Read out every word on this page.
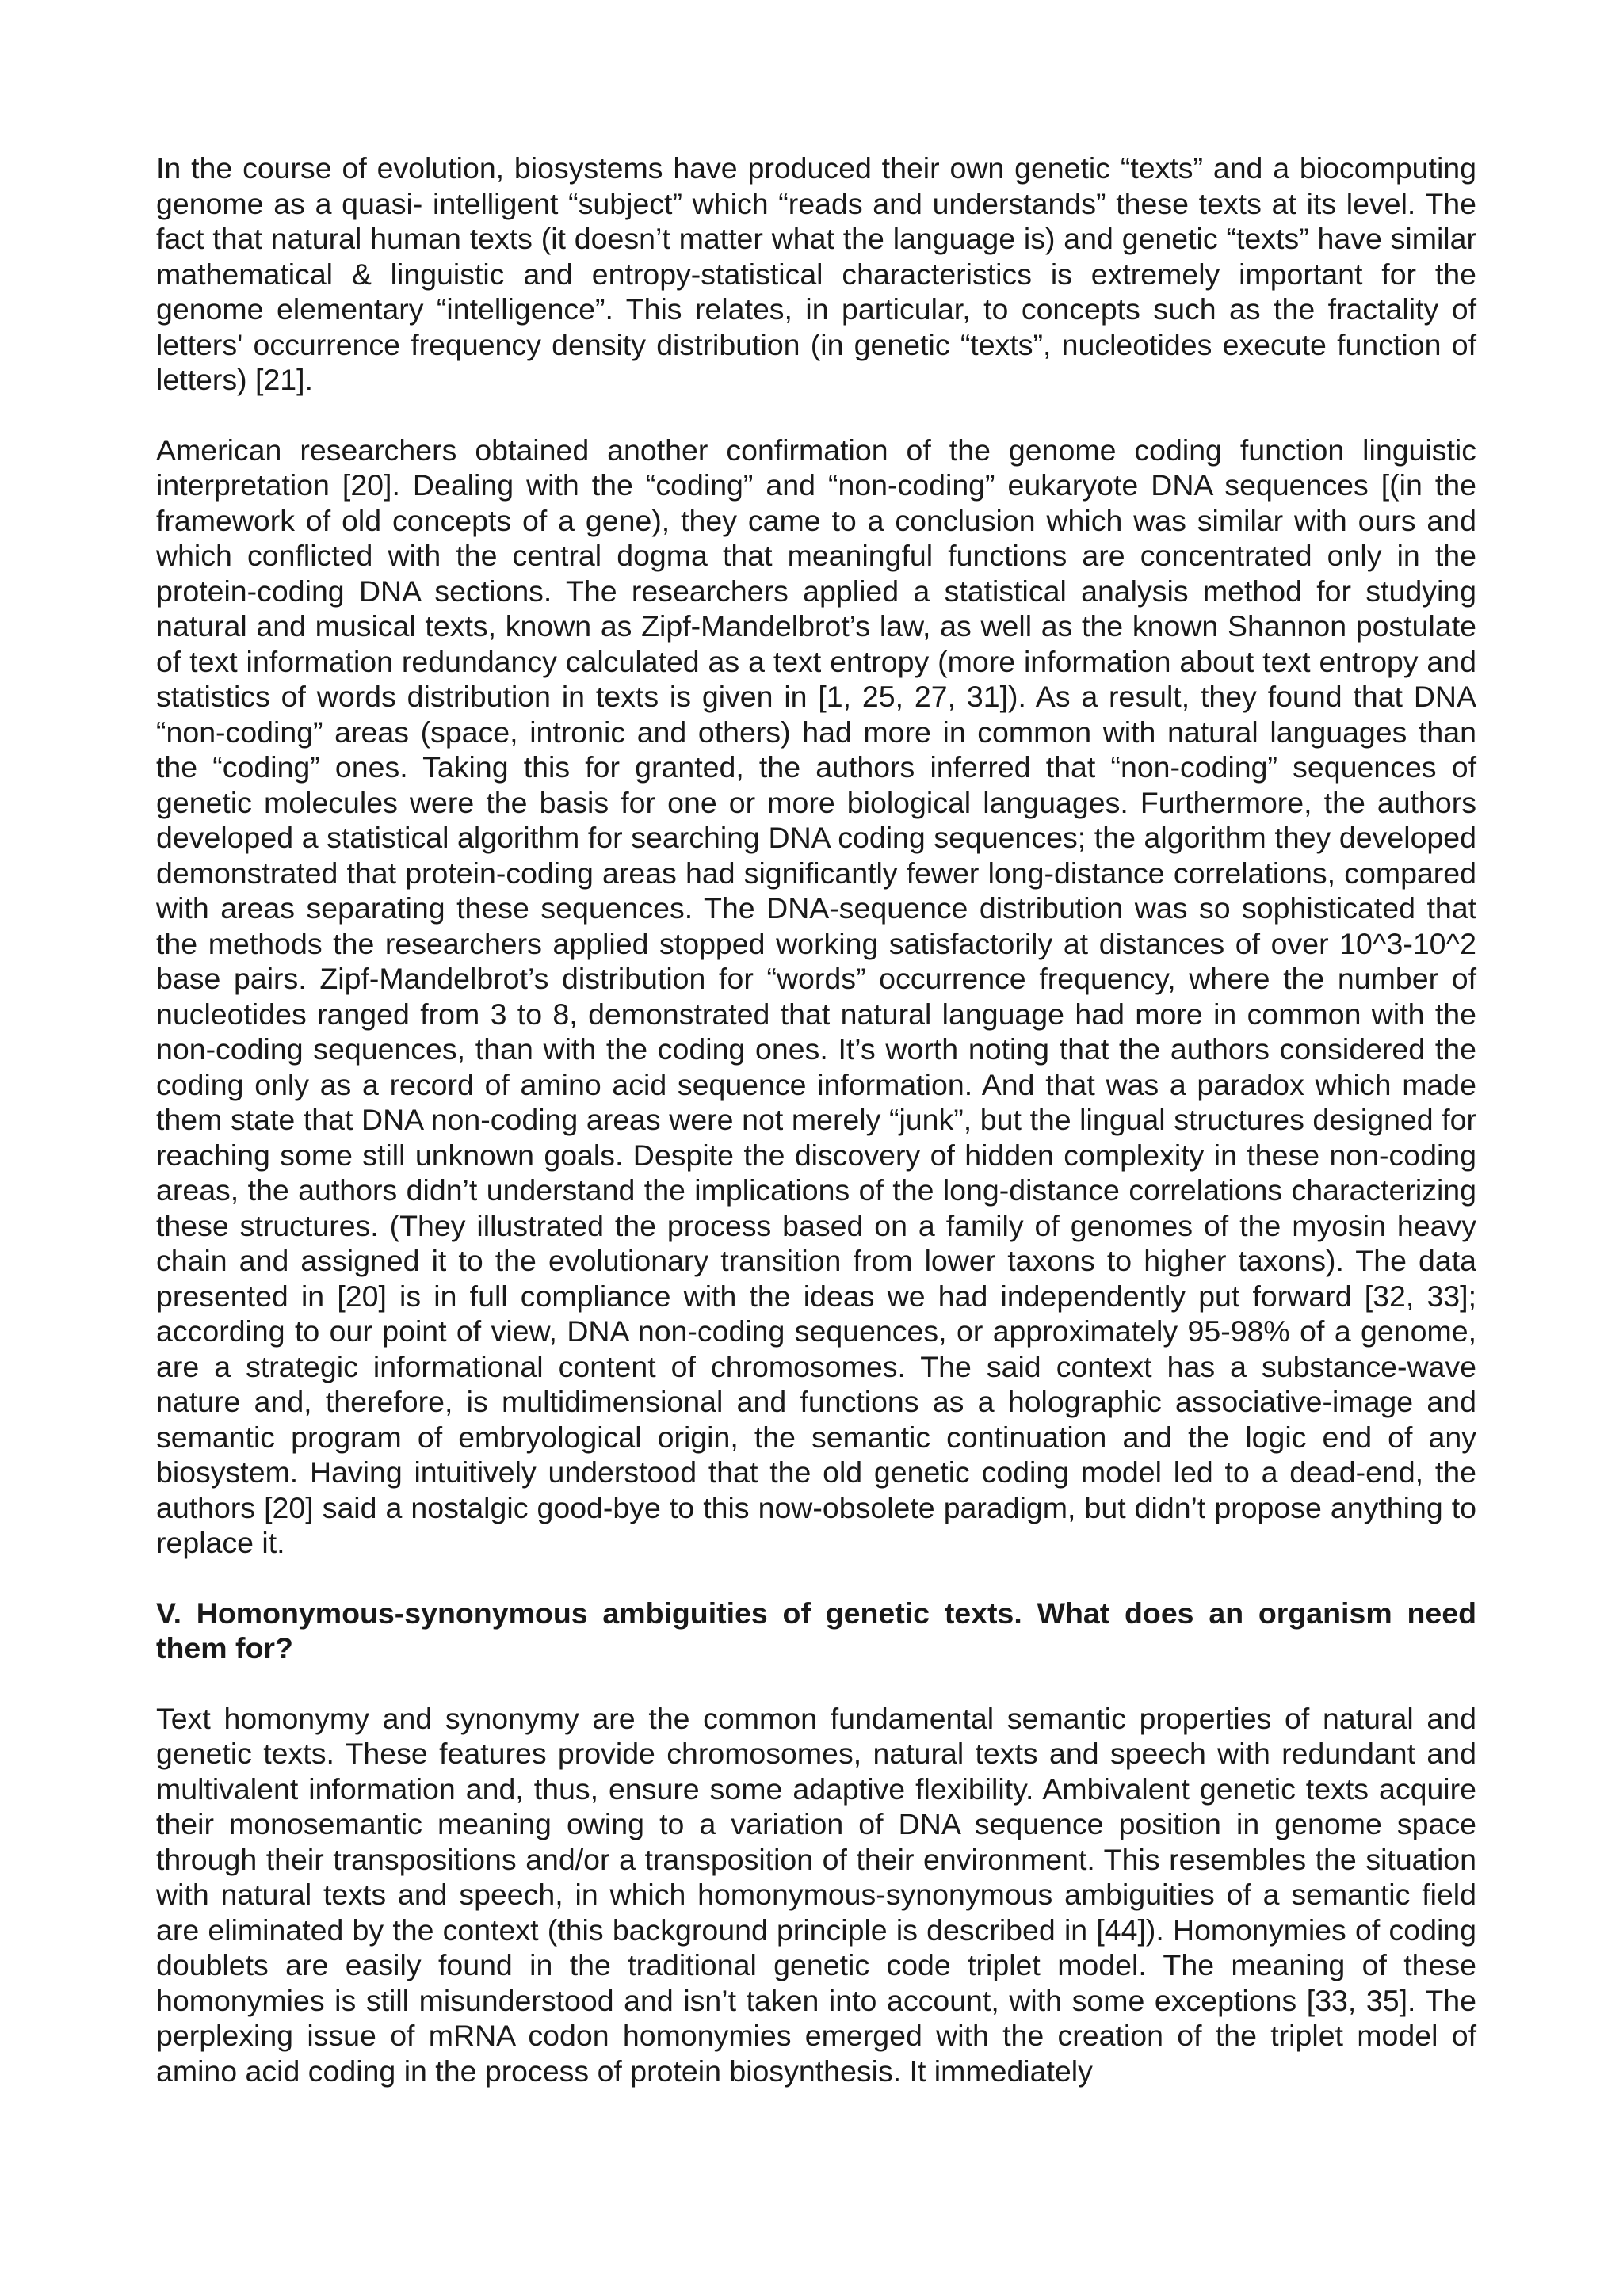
In the course of evolution, biosystems have produced their own genetic “texts” and a biocomputing genome as a quasi- intelligent “subject” which “reads and understands” these texts at its level. The fact that natural human texts (it doesn’t matter what the language is) and genetic “texts” have similar mathematical & linguistic and entropy-statistical characteristics is extremely important for the genome elementary “intelligence”. This relates, in particular, to concepts such as the fractality of letters' occurrence frequency density distribution (in genetic “texts”, nucleotides execute function of letters) [21].

American researchers obtained another confirmation of the genome coding function linguistic interpretation [20]. Dealing with the “coding” and “non-coding” eukaryote DNA sequences [(in the framework of old concepts of a gene), they came to a conclusion which was similar with ours and which conflicted with the central dogma that meaningful functions are concentrated only in the protein-coding DNA sections. The researchers applied a statistical analysis method for studying natural and musical texts, known as Zipf-Mandelbrot’s law, as well as the known Shannon postulate of text information redundancy calculated as a text entropy (more information about text entropy and statistics of words distribution in texts is given in [1, 25, 27, 31]). As a result, they found that DNA “non-coding” areas (space, intronic and others) had more in common with natural languages than the “coding” ones. Taking this for granted, the authors inferred that “non-coding” sequences of genetic molecules were the basis for one or more biological languages. Furthermore, the authors developed a statistical algorithm for searching DNA coding sequences; the algorithm they developed demonstrated that protein-coding areas had significantly fewer long-distance correlations, compared with areas separating these sequences. The DNA-sequence distribution was so sophisticated that the methods the researchers applied stopped working satisfactorily at distances of over 10^3-10^2 base pairs. Zipf-Mandelbrot’s distribution for “words” occurrence frequency, where the number of nucleotides ranged from 3 to 8, demonstrated that natural language had more in common with the non-coding sequences, than with the coding ones. It’s worth noting that the authors considered the coding only as a record of amino acid sequence information. And that was a paradox which made them state that DNA non-coding areas were not merely “junk”, but the lingual structures designed for reaching some still unknown goals. Despite the discovery of hidden complexity in these non-coding areas, the authors didn’t understand the implications of the long-distance correlations characterizing these structures. (They illustrated the process based on a family of genomes of the myosin heavy chain and assigned it to the evolutionary transition from lower taxons to higher taxons). The data presented in [20] is in full compliance with the ideas we had independently put forward [32, 33]; according to our point of view, DNA non-coding sequences, or approximately 95-98% of a genome, are a strategic informational content of chromosomes. The said context has a substance-wave nature and, therefore, is multidimensional and functions as a holographic associative-image and semantic program of embryological origin, the semantic continuation and the logic end of any biosystem. Having intuitively understood that the old genetic coding model led to a dead-end, the authors [20] said a nostalgic good-bye to this now-obsolete paradigm, but didn’t propose anything to replace it.

V. Homonymous-synonymous ambiguities of genetic texts. What does an organism need them for?

Text homonymy and synonymy are the common fundamental semantic properties of natural and genetic texts. These features provide chromosomes, natural texts and speech with redundant and multivalent information and, thus, ensure some adaptive flexibility. Ambivalent genetic texts acquire their monosemantic meaning owing to a variation of DNA sequence position in genome space through their transpositions and/or a transposition of their environment. This resembles the situation with natural texts and speech, in which homonymous-synonymous ambiguities of a semantic field are eliminated by the context (this background principle is described in [44]). Homonymies of coding doublets are easily found in the traditional genetic code triplet model. The meaning of these homonymies is still misunderstood and isn’t taken into account, with some exceptions [33, 35]. The perplexing issue of mRNA codon homonymies emerged with the creation of the triplet model of amino acid coding in the process of protein biosynthesis. It immediately
